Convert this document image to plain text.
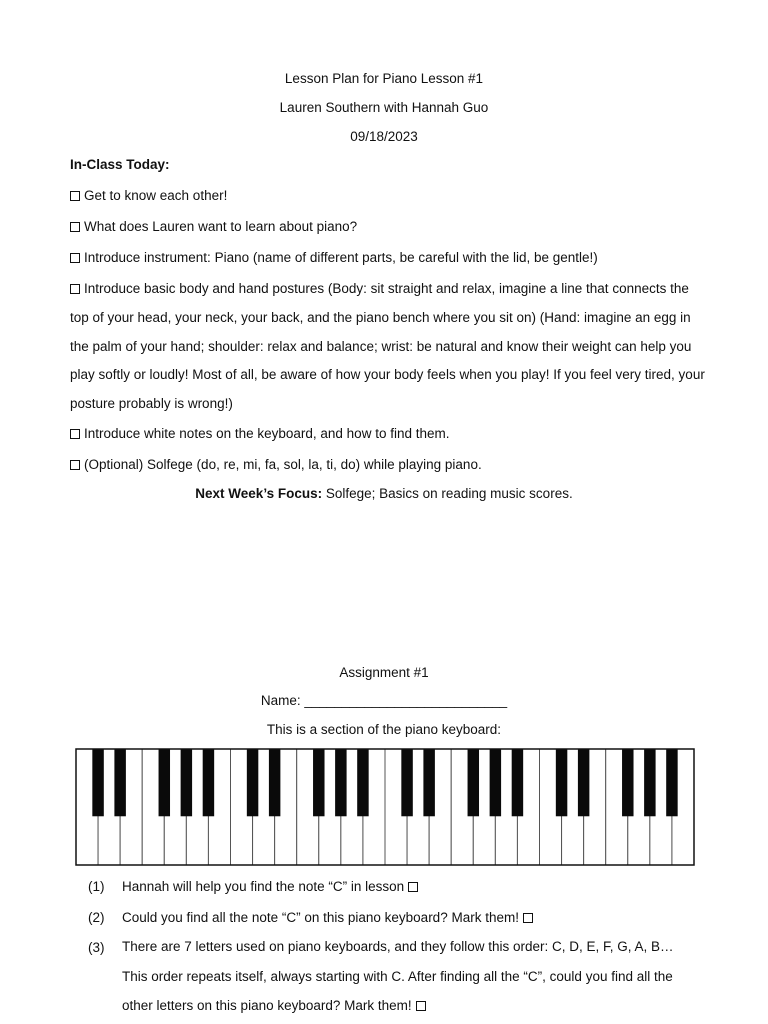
Lesson Plan for Piano Lesson #1
Lauren Southern with Hannah Guo
09/18/2023
In-Class Today:
Get to know each other!
What does Lauren want to learn about piano?
Introduce instrument: Piano (name of different parts, be careful with the lid, be gentle!)
Introduce basic body and hand postures (Body: sit straight and relax, imagine a line that connects the top of your head, your neck, your back, and the piano bench where you sit on) (Hand: imagine an egg in the palm of your hand; shoulder: relax and balance; wrist: be natural and know their weight can help you play softly or loudly! Most of all, be aware of how your body feels when you play! If you feel very tired, your posture probably is wrong!)
Introduce white notes on the keyboard, and how to find them.
(Optional) Solfege (do, re, mi, fa, sol, la, ti, do) while playing piano.
Next Week’s Focus: Solfege; Basics on reading music scores.
Assignment #1
Name: ___________________________
This is a section of the piano keyboard:
(1)	Hannah will help you find the note “C” in lesson
(2)	Could you find all the note “C” on this piano keyboard? Mark them!
(3)	There are 7 letters used on piano keyboards, and they follow this order: C, D, E, F, G, A, B… This order repeats itself, always starting with C. After finding all the “C”, could you find all the other letters on this piano keyboard? Mark them!
